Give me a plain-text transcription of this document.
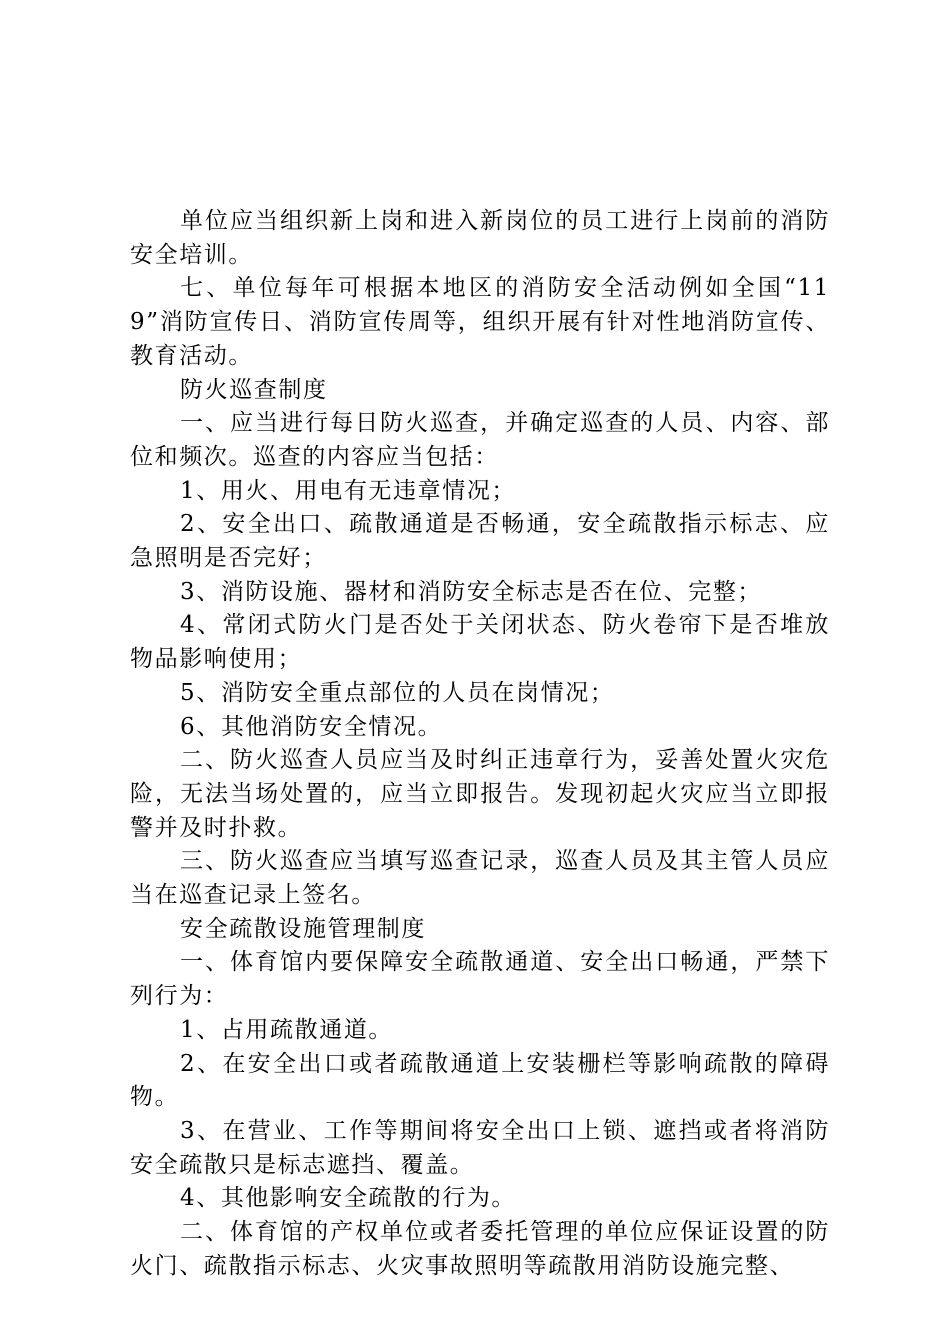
单位应当组织新上岗和进入新岗位的员工进行上岗前的消防安全培训。

七、单位每年可根据本地区的消防安全活动例如全国“119”消防宣传日、消防宣传周等，组织开展有针对性地消防宣传、教育活动。

防火巡查制度

一、应当进行每日防火巡查，并确定巡查的人员、内容、部位和频次。巡查的内容应当包括：

1、用火、用电有无违章情况；

2、安全出口、疏散通道是否畅通，安全疏散指示标志、应急照明是否完好；

3、消防设施、器材和消防安全标志是否在位、完整；

4、常闭式防火门是否处于关闭状态、防火卷帘下是否堆放物品影响使用；

5、消防安全重点部位的人员在岗情况；

6、其他消防安全情况。

二、防火巡查人员应当及时纠正违章行为，妥善处置火灾危险，无法当场处置的，应当立即报告。发现初起火灾应当立即报警并及时扑救。

三、防火巡查应当填写巡查记录，巡查人员及其主管人员应当在巡查记录上签名。

安全疏散设施管理制度

一、体育馆内要保障安全疏散通道、安全出口畅通，严禁下列行为：

1、占用疏散通道。

2、在安全出口或者疏散通道上安装栅栏等影响疏散的障碍物。

3、在营业、工作等期间将安全出口上锁、遮挡或者将消防安全疏散只是标志遮挡、覆盖。

4、其他影响安全疏散的行为。

二、体育馆的产权单位或者委托管理的单位应保证设置的防火门、疏散指示标志、火灾事故照明等疏散用消防设施完整、
